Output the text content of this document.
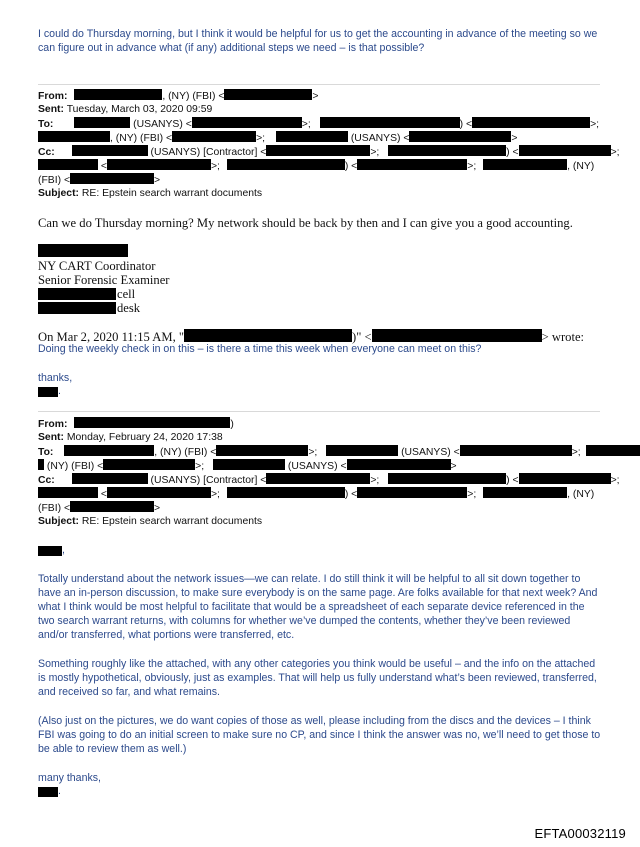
I could do Thursday morning, but I think it would be helpful for us to get the accounting in advance of the meeting so we
can figure out in advance what (if any) additional steps we need – is that possible?
From:	, (NY) (FBI) <	>
Sent: Tuesday, March 03, 2020 09:59
To:	(USANYS) <	>;	) <	>;
, (NY) (FBI) <	>;	(USANYS) <	>
Cc:	(USANYS) [Contractor] <	>;	) <	>;
<	>;	) <	>;	, (NY)
(FBI) <	>
Subject: RE: Epstein search warrant documents
Can we do Thursday morning? My network should be back by then and I can give you a good accounting.
NY CART Coordinator
Senior Forensic Examiner
cell
desk
On Mar 2, 2020 11:15 AM, "	)" <	> wrote:
Doing the weekly check in on this – is there a time this week when everyone can meet on this?
thanks,
.
From:	)
Sent: Monday, February 24, 2020 17:38
To:	, (NY) (FBI) <	>;	(USANYS) <	>;
(NY) (FBI) <	>;	(USANYS) <	>
Cc:	(USANYS) [Contractor] <	>;	) <	>;
<	>;	) <	>;	, (NY)
(FBI) <	>
Subject: RE: Epstein search warrant documents
,
Totally understand about the network issues—we can relate. I do still think it will be helpful to all sit down together to
have an in-person discussion, to make sure everybody is on the same page. Are folks available for that next week? And
what I think would be most helpful to facilitate that would be a spreadsheet of each separate device referenced in the
two search warrant returns, with columns for whether we’ve dumped the contents, whether they’ve been reviewed
and/or transferred, what portions were transferred, etc.
Something roughly like the attached, with any other categories you think would be useful – and the info on the attached
is mostly hypothetical, obviously, just as examples. That will help us fully understand what’s been reviewed, transferred,
and received so far, and what remains.
(Also just on the pictures, we do want copies of those as well, please including from the discs and the devices – I think
FBI was going to do an initial screen to make sure no CP, and since I think the answer was no, we’ll need to get those to
be able to review them as well.)
many thanks,
.
EFTA00032119
